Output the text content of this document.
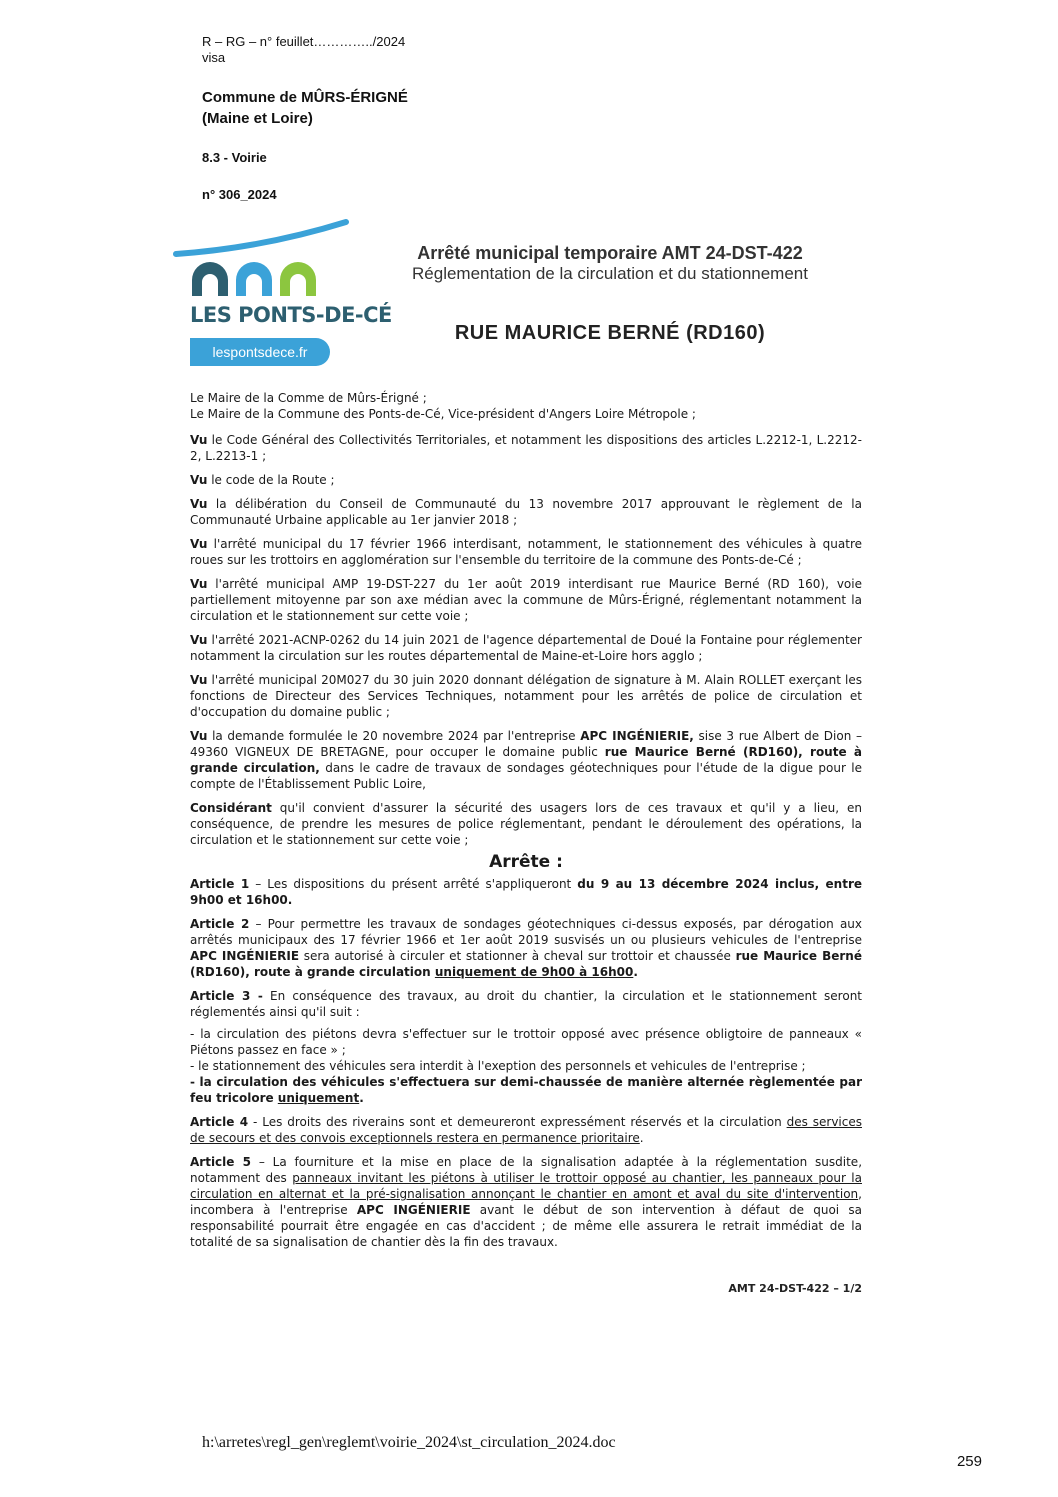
R – RG – n° feuillet…………../2024
visa
Commune de MÛRS-ÉRIGNÉ
(Maine et Loire)
8.3 - Voirie
n° 306_2024
LES PONTS-DE-CÉ
lespontsdece.fr
Arrêté municipal temporaire AMT 24-DST-422
Réglementation de la circulation et du stationnement
RUE MAURICE BERNÉ (RD160)

Le Maire de la Comme de Mûrs-Érigné ;
Le Maire de la Commune des Ponts-de-Cé, Vice-président d'Angers Loire Métropole ;

Vu le Code Général des Collectivités Territoriales, et notamment les dispositions des articles L.2212-1, L.2212-2, L.2213-1 ;

Vu le code de la Route ;

Vu la délibération du Conseil de Communauté du 13 novembre 2017 approuvant le règlement de la Communauté Urbaine applicable au 1er janvier 2018 ;

Vu l'arrêté municipal du 17 février 1966 interdisant, notamment, le stationnement des véhicules à quatre roues sur les trottoirs en agglomération sur l'ensemble du territoire de la commune des Ponts-de-Cé ;

Vu l'arrêté municipal AMP 19-DST-227 du 1er août 2019 interdisant rue Maurice Berné (RD 160), voie partiellement mitoyenne par son axe médian avec la commune de Mûrs-Érigné, réglementant notamment la circulation et le stationnement sur cette voie ;

Vu l'arrêté 2021-ACNP-0262 du 14 juin 2021 de l'agence départemental de Doué la Fontaine pour réglementer notamment la circulation sur les routes départemental de Maine-et-Loire hors agglo ;

Vu l'arrêté municipal 20M027 du 30 juin 2020 donnant délégation de signature à M. Alain ROLLET exerçant les fonctions de Directeur des Services Techniques, notamment pour les arrêtés de police de circulation et d'occupation du domaine public ;

Vu la demande formulée le 20 novembre 2024 par l'entreprise APC INGÉNIERIE, sise 3 rue Albert de Dion – 49360 VIGNEUX DE BRETAGNE, pour occuper le domaine public rue Maurice Berné (RD160), route à grande circulation, dans le cadre de travaux de sondages géotechniques pour l'étude de la digue pour le compte de l'Établissement Public Loire,

Considérant qu'il convient d'assurer la sécurité des usagers lors de ces travaux et qu'il y a lieu, en conséquence, de prendre les mesures de police réglementant, pendant le déroulement des opérations, la circulation et le stationnement sur cette voie ;

Arrête :

Article 1 – Les dispositions du présent arrêté s'appliqueront du 9 au 13 décembre 2024 inclus, entre 9h00 et 16h00.

Article 2 – Pour permettre les travaux de sondages géotechniques ci-dessus exposés, par dérogation aux arrêtés municipaux des 17 février 1966 et 1er août 2019 susvisés un ou plusieurs vehicules de l'entreprise APC INGÉNIERIE sera autorisé à circuler et stationner à cheval sur trottoir et chaussée rue Maurice Berné (RD160), route à grande circulation uniquement de 9h00 à 16h00.

Article 3 - En conséquence des travaux, au droit du chantier, la circulation et le stationnement seront réglementés ainsi qu'il suit :

- la circulation des piétons devra s'effectuer sur le trottoir opposé avec présence obligtoire de panneaux « Piétons passez en face » ;

- le stationnement des véhicules sera interdit à l'exeption des personnels et vehicules de l'entreprise ;

- la circulation des véhicules s'effectuera sur demi-chaussée de manière alternée règlementée par feu tricolore uniquement.

Article 4 - Les droits des riverains sont et demeureront expressément réservés et la circulation des services de secours et des convois exceptionnels restera en permanence prioritaire.

Article 5 – La fourniture et la mise en place de la signalisation adaptée à la réglementation susdite, notamment des panneaux invitant les piétons à utiliser le trottoir opposé au chantier, les panneaux pour la circulation en alternat et la pré-signalisation annonçant le chantier en amont et aval du site d'intervention, incombera à l'entreprise APC INGÉNIERIE avant le début de son intervention à défaut de quoi sa responsabilité pourrait être engagée en cas d'accident ; de même elle assurera le retrait immédiat de la totalité de sa signalisation de chantier dès la fin des travaux.

AMT 24-DST-422 – 1/2
h:\arretes\regl_gen\reglemt\voirie_2024\st_circulation_2024.doc
259
